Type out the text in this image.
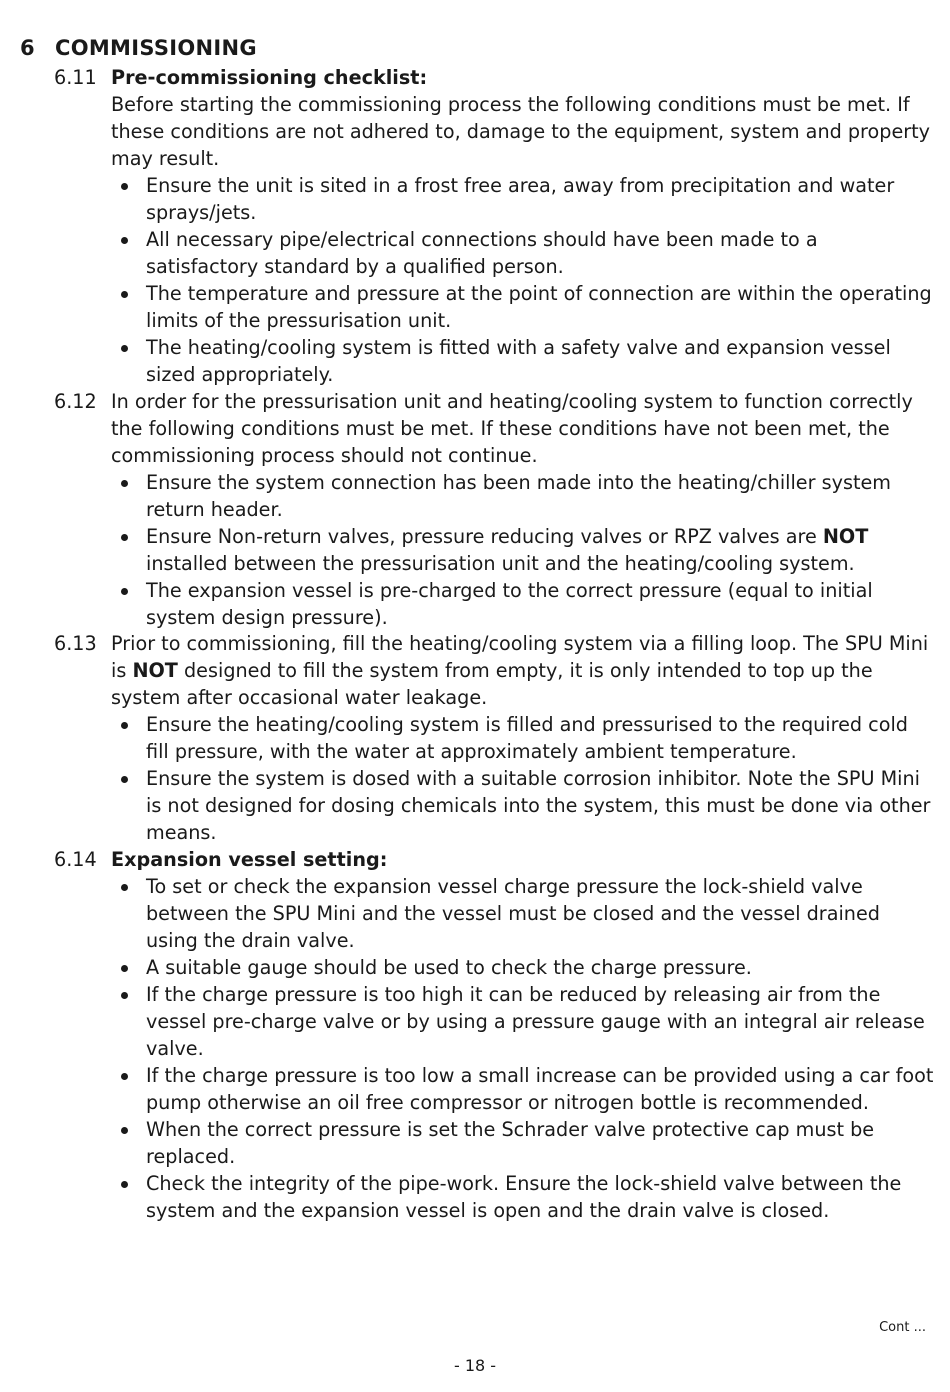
6 COMMISSIONING
6.11 Pre-commissioning checklist:

Before starting the commissioning process the following conditions must be met. If these conditions are not adhered to, damage to the equipment, system and property may result.

Ensure the unit is sited in a frost free area, away from precipitation and water sprays/jets.
All necessary pipe/electrical connections should have been made to a satisfactory standard by a qualified person.
The temperature and pressure at the point of connection are within the operating limits of the pressurisation unit.
The heating/cooling system is fitted with a safety valve and expansion vessel sized appropriately.
6.12 In order for the pressurisation unit and heating/cooling system to function correctly the following conditions must be met. If these conditions have not been met, the commissioning process should not continue.

Ensure the system connection has been made into the heating/chiller system return header.
Ensure Non-return valves, pressure reducing valves or RPZ valves are NOT installed between the pressurisation unit and the heating/cooling system.
The expansion vessel is pre-charged to the correct pressure (equal to initial system design pressure).
6.13 Prior to commissioning, fill the heating/cooling system via a filling loop. The SPU Mini is NOT designed to fill the system from empty, it is only intended to top up the system after occasional water leakage.

Ensure the heating/cooling system is filled and pressurised to the required cold fill pressure, with the water at approximately ambient temperature.
Ensure the system is dosed with a suitable corrosion inhibitor. Note the SPU Mini is not designed for dosing chemicals into the system, this must be done via other means.
6.14 Expansion vessel setting:

To set or check the expansion vessel charge pressure the lock-shield valve between the SPU Mini and the vessel must be closed and the vessel drained using the drain valve.
A suitable gauge should be used to check the charge pressure.
If the charge pressure is too high it can be reduced by releasing air from the vessel pre-charge valve or by using a pressure gauge with an integral air release valve.
If the charge pressure is too low a small increase can be provided using a car foot pump otherwise an oil free compressor or nitrogen bottle is recommended.
When the correct pressure is set the Schrader valve protective cap must be replaced.
Check the integrity of the pipe-work. Ensure the lock-shield valve between the system and the expansion vessel is open and the drain valve is closed.
Cont ...
- 18 -
